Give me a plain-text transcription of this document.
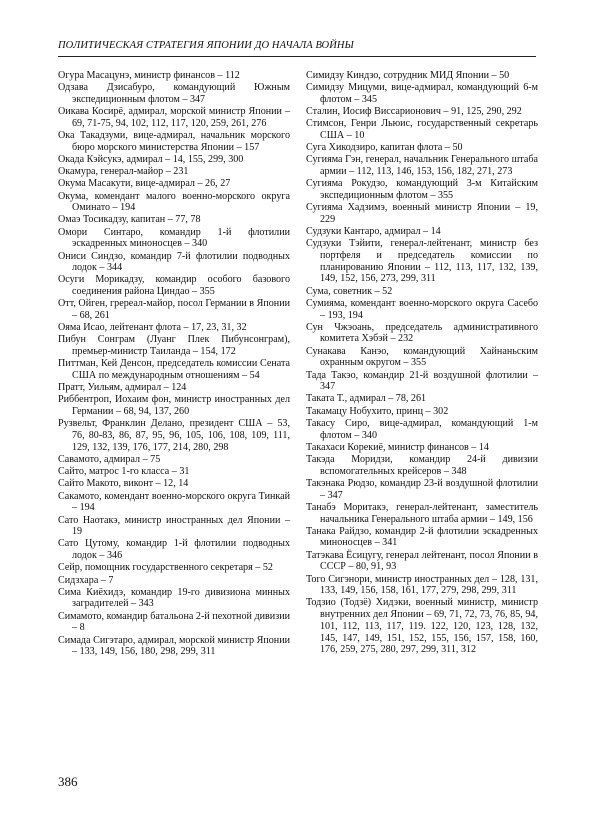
ПОЛИТИЧЕСКАЯ СТРАТЕГИЯ ЯПОНИИ ДО НАЧАЛА ВОЙНЫ
Огура Масацунэ, министр финансов – 112
Одзава Дзисабуро, командующий Южным экспедиционным флотом – 347
Оикава Косирё, адмирал, морской министр Японии – 69, 71-75, 94, 102, 112, 117, 120, 259, 261, 276
Ока Такадзуми, вице-адмирал, начальник морского бюро морского министерства Японии – 157
Окада Кэйсукэ, адмирал – 14, 155, 299, 300
Окамура, генерал-майор – 231
Окума Масакути, вице-адмирал – 26, 27
Окума, комендант малого военно-морского округа Оминато – 194
Омаэ Тосикадзу, капитан – 77, 78
Омори Синтаро, командир 1-й флотилии эскадренных миноносцев – 340
Ониси Синдзо, командир 7-й флотилии подводных лодок – 344
Осуги Морикадзу, командир особого базового соединения района Циндао – 355
Отт, Ойген, гререал-майор, посол Германии в Японии – 68, 261
Ояма Исао, лейтенант флота – 17, 23, 31, 32
Пибун Сонграм (Луанг Плек Пибунсонграм), премьер-министр Таиланда – 154, 172
Питтман, Кей Денсон, председатель комиссии Сената США по международным отношениям – 54
Пратт, Уильям, адмирал – 124
Риббентроп, Иохаим фон, министр иностранных дел Германии – 68, 94, 137, 260
Рузвельт, Франклин Делано, президент США – 53, 76, 80-83, 86, 87, 95, 96, 105, 106, 108, 109, 111, 129, 132, 139, 176, 177, 214, 280, 298
Савамото, адмирал – 75
Сайто, матрос 1-го класса – 31
Сайто Макото, виконт – 12, 14
Сакамото, комендант военно-морского округа Тинкай – 194
Сато Наотакэ, министр иностранных дел Японии – 19
Сато Цутому, командир 1-й флотилии подводных лодок – 346
Сейр, помощник государственного секретаря – 52
Сидзхара – 7
Сима Киёхидэ, командир 19-го дивизиона минных заградителей – 343
Симамото, командир батальона 2-й пехотной дивизии – 8
Симада Сигэтаро, адмирал, морской министр Японии – 133, 149, 156, 180, 298, 299, 311
Симидзу Киндзо, сотрудник МИД Японии – 50
Симидзу Мицуми, вице-адмирал, командующий 6-м флотом – 345
Сталин, Иосиф Виссарионович – 91, 125, 290, 292
Стимсон, Генри Льюис, государственный секретарь США – 10
Суга Хикодзиро, капитан флота – 50
Сугияма Гэн, генерал, начальник Генерального штаба армии – 112, 113, 146, 153, 156, 182, 271, 273
Сугияма Рокудзо, командующий 3-м Китайским экспедиционным флотом – 355
Сугияма Хадзимэ, военный министр Японии – 19, 229
Судзуки Кантаро, адмирал – 14
Судзуки Тэйити, генерал-лейтенант, министр без портфеля и председатель комиссии по планированию Японии – 112, 113, 117, 132, 139, 149, 152, 156, 273, 299, 311
Сума, советник – 52
Сумияма, комендант военно-морского округа Сасебо – 193, 194
Сун Чжэоань, председатель административного комитета Хэбэй – 232
Сунакава Канэо, командующий Хайнаньским охранным округом – 355
Тада Такэо, командир 21-й воздушной флотилии – 347
Таката Т., адмирал – 78, 261
Такамацу Нобухито, принц – 302
Такасу Сиро, вице-адмирал, командующий 1-м флотом – 340
Такахаси Корекиё, министр финансов – 14
Такэда Моридзи, командир 24-й дивизии вспомогательных крейсеров – 348
Такэнака Рюдзо, командир 23-й воздушной флотилии – 347
Танабэ Моритакэ, генерал-лейтенант, заместитель начальника Генерального штаба армии – 149, 156
Танака Райдзо, командир 2-й флотилии эскадренных миноносцев – 341
Татэкава Ёсицугу, генерал лейтенант, посол Японии в СССР – 80, 91, 93
Того Сигэнори, министр иностранных дел – 128, 131, 133, 149, 156, 158, 161, 177, 279, 298, 299, 311
Тодзио (Тодзё) Хидэки, военный министр, министр внутренних дел Японии – 69, 71, 72, 73, 76, 85, 94, 101, 112, 113, 117, 119. 122, 120, 123, 128, 132, 145, 147, 149, 151, 152, 155, 156, 157, 158, 160, 176, 259, 275, 280, 297, 299, 311, 312
386
